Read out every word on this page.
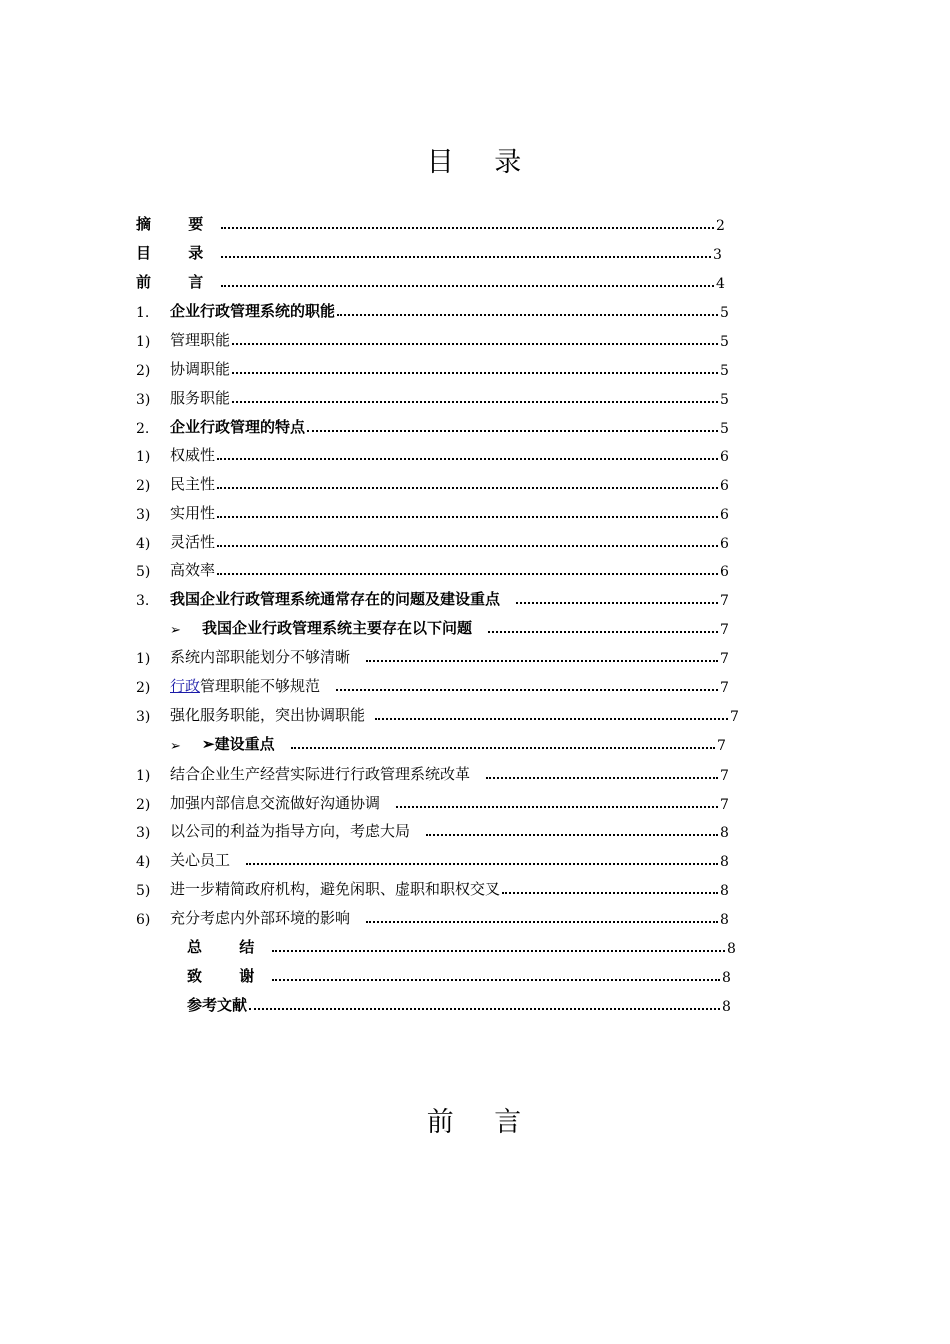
目 录
摘 要	2
目 录	3
前 言	4
1.	企业行政管理系统的职能	5
1)	管理职能	5
2)	协调职能	5
3)	服务职能	5
2.	企业行政管理的特点	5
1)	权威性	6
2)	民主性	6
3)	实用性	6
4)	灵活性	6
5)	高效率	6
3.	我国企业行政管理系统通常存在的问题及建设重点	7
➢	我国企业行政管理系统主要存在以下问题	7
1)	系统内部职能划分不够清晰	7
2)	行政 管理职能不够规范	7
3)	强化服务职能，突出协调职能	7
➢	➢建设重点	7
1)	结合企业生产经营实际进行行政管理系统改革	7
2)	加强内部信息交流做好沟通协调	7
3)	以公司的利益为指导方向，考虑大局	8
4)	关心员工	8
5)	进一步精简政府机构，避免闲职、虚职和职权交叉	8
6)	充分考虑内外部环境的影响	8
总 结	8
致 谢	8
参考文献	8
前 言
